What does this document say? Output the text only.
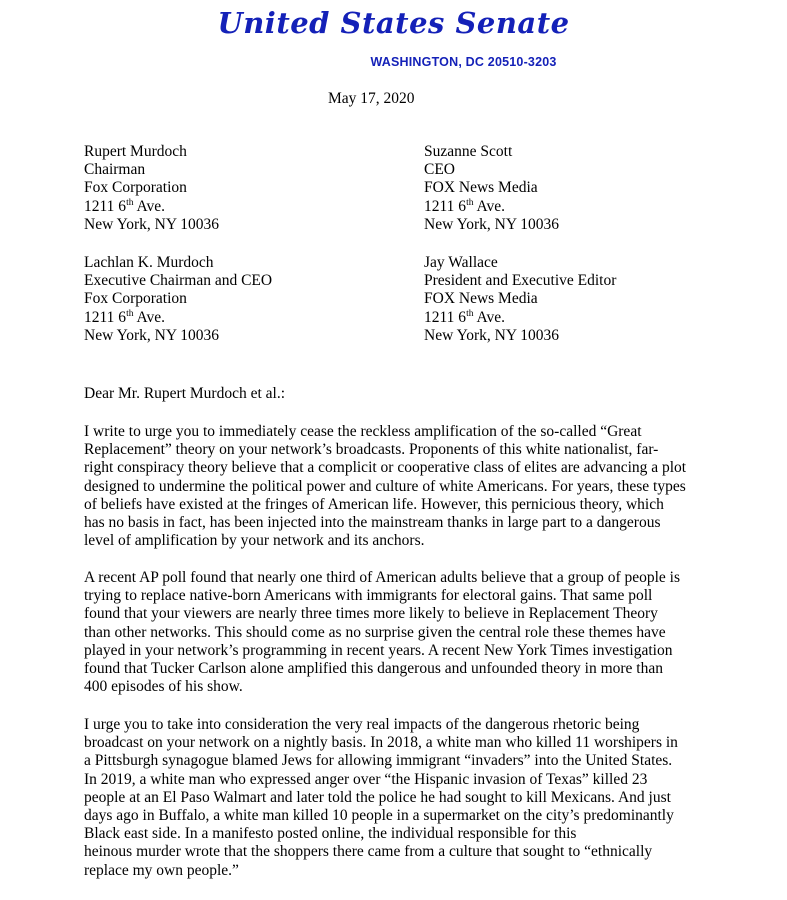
United States Senate
WASHINGTON, DC 20510-3203
May 17, 2020
Rupert Murdoch
Chairman
Fox Corporation
1211 6th Ave.
New York, NY 10036
Suzanne Scott
CEO
FOX News Media
1211 6th Ave.
New York, NY 10036
Lachlan K. Murdoch
Executive Chairman and CEO
Fox Corporation
1211 6th Ave.
New York, NY 10036
Jay Wallace
President and Executive Editor
FOX News Media
1211 6th Ave.
New York, NY 10036
Dear Mr. Rupert Murdoch et al.:
I write to urge you to immediately cease the reckless amplification of the so-called “Great
Replacement” theory on your network’s broadcasts. Proponents of this white nationalist, far-
right conspiracy theory believe that a complicit or cooperative class of elites are advancing a plot
designed to undermine the political power and culture of white Americans. For years, these types
of beliefs have existed at the fringes of American life. However, this pernicious theory, which
has no basis in fact, has been injected into the mainstream thanks in large part to a dangerous
level of amplification by your network and its anchors.
A recent AP poll found that nearly one third of American adults believe that a group of people is
trying to replace native-born Americans with immigrants for electoral gains. That same poll
found that your viewers are nearly three times more likely to believe in Replacement Theory
than other networks. This should come as no surprise given the central role these themes have
played in your network’s programming in recent years. A recent New York Times investigation
found that Tucker Carlson alone amplified this dangerous and unfounded theory in more than
400 episodes of his show.
I urge you to take into consideration the very real impacts of the dangerous rhetoric being
broadcast on your network on a nightly basis. In 2018, a white man who killed 11 worshipers in
a Pittsburgh synagogue blamed Jews for allowing immigrant “invaders” into the United States.
In 2019, a white man who expressed anger over “the Hispanic invasion of Texas” killed 23
people at an El Paso Walmart and later told the police he had sought to kill Mexicans. And just
days ago in Buffalo, a white man killed 10 people in a supermarket on the city’s predominantly
Black east side. In a manifesto posted online, the individual responsible for this
heinous murder wrote that the shoppers there came from a culture that sought to “ethnically
replace my own people.”
